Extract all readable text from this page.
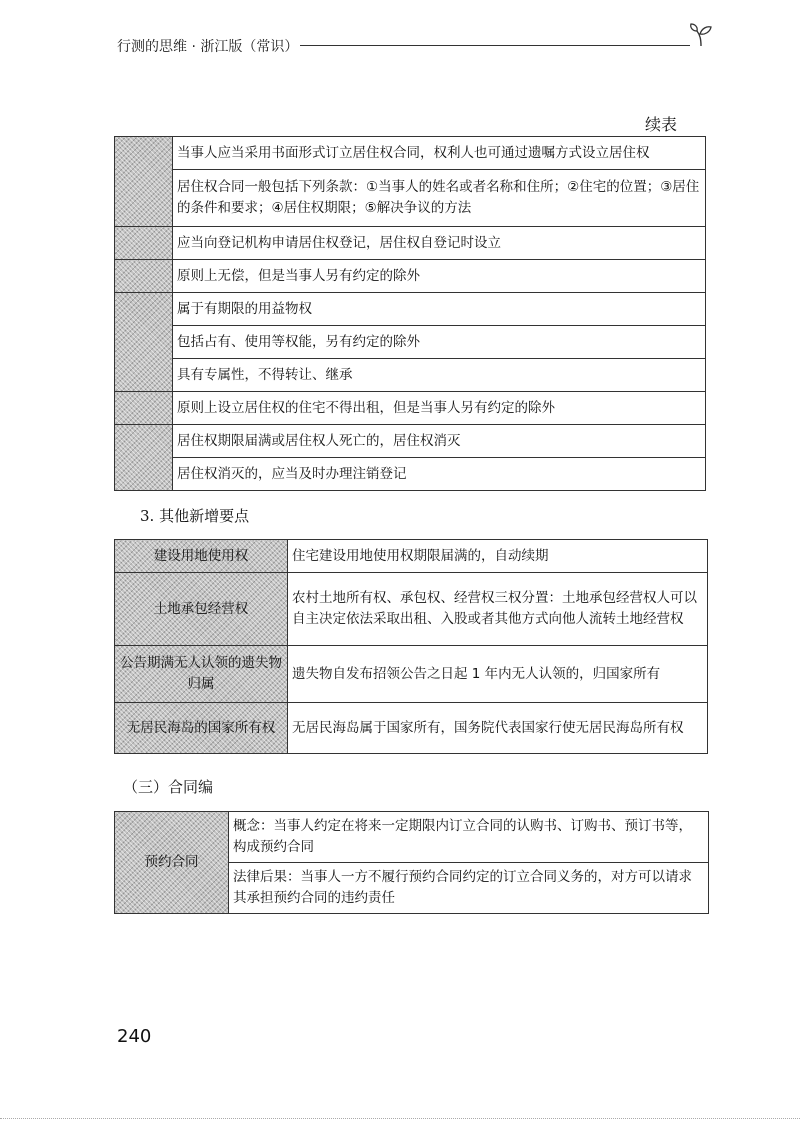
行测的思维 · 浙江版（常识）
续表
	当事人应当采用书面形式订立居住权合同，权利人也可通过遗嘱方式设立居住权
	居住权合同一般包括下列条款：①当事人的姓名或者名称和住所；②住宅的位置；③居住的条件和要求；④居住权期限；⑤解决争议的方法
	应当向登记机构申请居住权登记，居住权自登记时设立
	原则上无偿，但是当事人另有约定的除外
	属于有期限的用益物权
	包括占有、使用等权能，另有约定的除外
	具有专属性，不得转让、继承
	原则上设立居住权的住宅不得出租，但是当事人另有约定的除外
	居住权期限届满或居住权人死亡的，居住权消灭
	居住权消灭的，应当及时办理注销登记
3. 其他新增要点
建设用地使用权	住宅建设用地使用权期限届满的，自动续期
土地承包经营权	农村土地所有权、承包权、经营权三权分置：土地承包经营权人可以自主决定依法采取出租、入股或者其他方式向他人流转土地经营权
公告期满无人认领的遗失物归属	遗失物自发布招领公告之日起 1 年内无人认领的，归国家所有
无居民海岛的国家所有权	无居民海岛属于国家所有，国务院代表国家行使无居民海岛所有权
（三）合同编
预约合同	概念：当事人约定在将来一定期限内订立合同的认购书、订购书、预订书等，构成预约合同
法律后果：当事人一方不履行预约合同约定的订立合同义务的，对方可以请求其承担预约合同的违约责任
240
